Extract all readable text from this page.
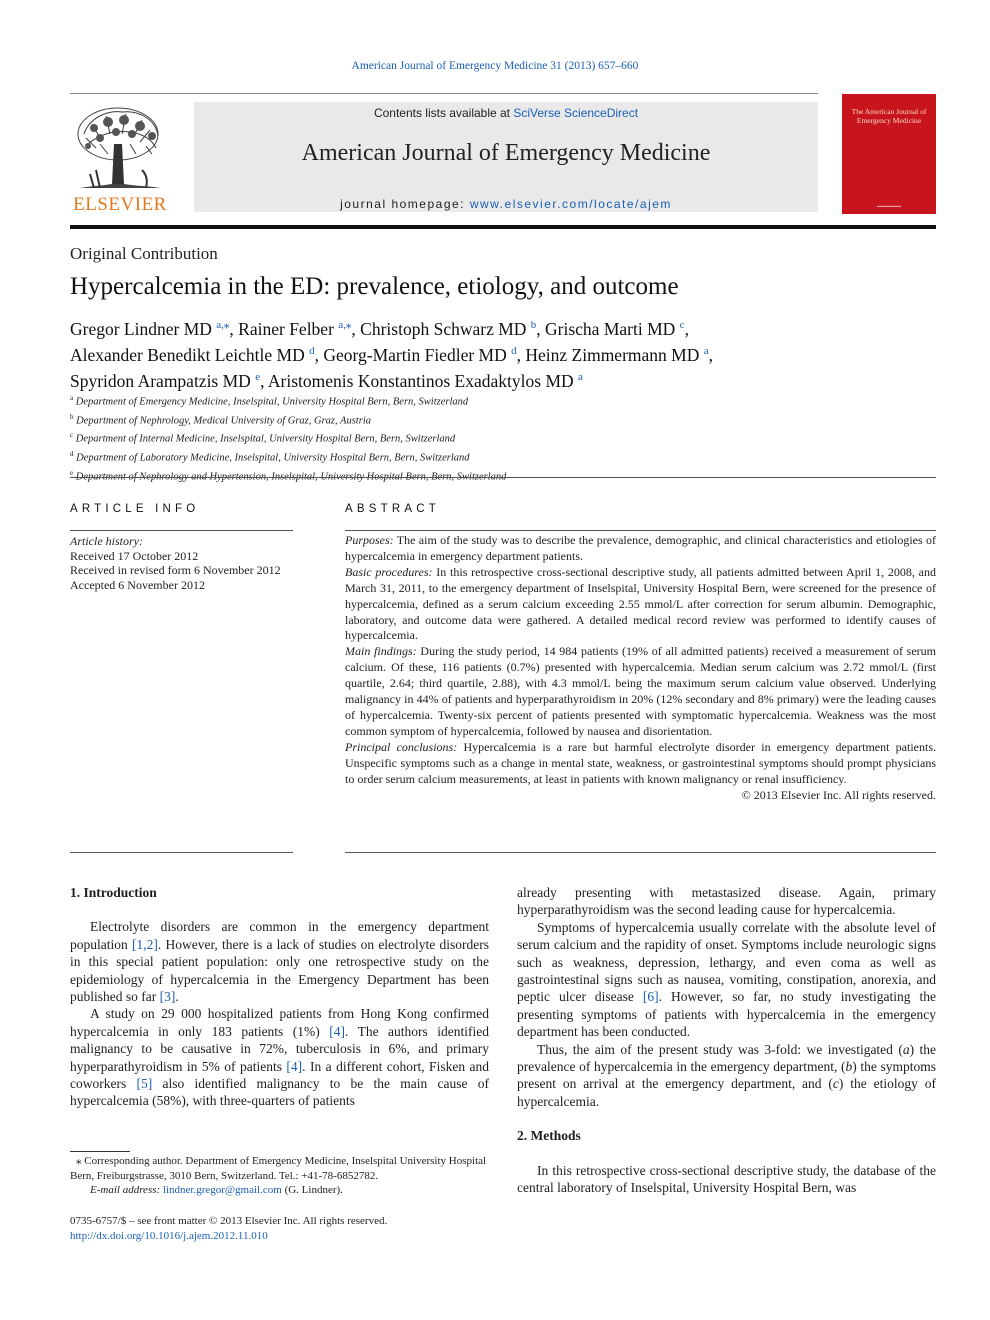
American Journal of Emergency Medicine 31 (2013) 657–660
ELSEVIER
Contents lists available at SciVerse ScienceDirect
American Journal of Emergency Medicine
journal homepage: www.elsevier.com/locate/ajem
The American Journal of Emergency Medicine
▬▬▬▬▬▬
Original Contribution
Hypercalcemia in the ED: prevalence, etiology, and outcome
Gregor Lindner MD $^{a,⁎}$, Rainer Felber $^{a,⁎}$, Christoph Schwarz MD $^b$, Grischa Marti MD $^c$,
Alexander Benedikt Leichtle MD $^d$, Georg-Martin Fiedler MD $^d$, Heinz Zimmermann MD $^a$,
Spyridon Arampatzis MD $^e$, Aristomenis Konstantinos Exadaktylos MD $^a$
$^a$ Department of Emergency Medicine, Inselspital, University Hospital Bern, Bern, Switzerland
$^b$ Department of Nephrology, Medical University of Graz, Graz, Austria
$^c$ Department of Internal Medicine, Inselspital, University Hospital Bern, Bern, Switzerland
$^d$ Department of Laboratory Medicine, Inselspital, University Hospital Bern, Bern, Switzerland
$^e$ Department of Nephrology and Hypertension, Inselspital, University Hospital Bern, Bern, Switzerland
ARTICLE INFO
Article history:
Received 17 October 2012
Received in revised form 6 November 2012
Accepted 6 November 2012
ABSTRACT

Purposes: The aim of the study was to describe the prevalence, demographic, and clinical characteristics and etiologies of hypercalcemia in emergency department patients.

Basic procedures: In this retrospective cross-sectional descriptive study, all patients admitted between April 1, 2008, and March 31, 2011, to the emergency department of Inselspital, University Hospital Bern, were screened for the presence of hypercalcemia, defined as a serum calcium exceeding 2.55 mmol/L after correction for serum albumin. Demographic, laboratory, and outcome data were gathered. A detailed medical record review was performed to identify causes of hypercalcemia.

Main findings: During the study period, 14 984 patients (19% of all admitted patients) received a measurement of serum calcium. Of these, 116 patients (0.7%) presented with hypercalcemia. Median serum calcium was 2.72 mmol/L (first quartile, 2.64; third quartile, 2.88), with 4.3 mmol/L being the maximum serum calcium value observed. Underlying malignancy in 44% of patients and hyperparathyroidism in 20% (12% secondary and 8% primary) were the leading causes of hypercalcemia. Twenty-six percent of patients presented with symptomatic hypercalcemia. Weakness was the most common symptom of hypercalcemia, followed by nausea and disorientation.

Principal conclusions: Hypercalcemia is a rare but harmful electrolyte disorder in emergency department patients. Unspecific symptoms such as a change in mental state, weakness, or gastrointestinal symptoms should prompt physicians to order serum calcium measurements, at least in patients with known malignancy or renal insufficiency.

© 2013 Elsevier Inc. All rights reserved.

1. Introduction

Electrolyte disorders are common in the emergency department population [1,2]. However, there is a lack of studies on electrolyte disorders in this special patient population: only one retrospective study on the epidemiology of hypercalcemia in the Emergency Department has been published so far [3].

A study on 29 000 hospitalized patients from Hong Kong confirmed hypercalcemia in only 183 patients (1%) [4]. The authors identified malignancy to be causative in 72%, tuberculosis in 6%, and primary hyperparathyroidism in 5% of patients [4]. In a different cohort, Fisken and coworkers [5] also identified malignancy to be the main cause of hypercalcemia (58%), with three-quarters of patients

⁎ Corresponding author. Department of Emergency Medicine, Inselspital University Hospital Bern, Freiburgstrasse, 3010 Bern, Switzerland. Tel.: +41-78-6852782.
E-mail address: lindner.gregor@gmail.com (G. Lindner).
0735-6757/$ – see front matter © 2013 Elsevier Inc. All rights reserved.
http://dx.doi.org/10.1016/j.ajem.2012.11.010

already presenting with metastasized disease. Again, primary hyperparathyroidism was the second leading cause for hypercalcemia.

Symptoms of hypercalcemia usually correlate with the absolute level of serum calcium and the rapidity of onset. Symptoms include neurologic signs such as weakness, depression, lethargy, and even coma as well as gastrointestinal signs such as nausea, vomiting, constipation, anorexia, and peptic ulcer disease [6]. However, so far, no study investigating the presenting symptoms of patients with hypercalcemia in the emergency department has been conducted.

Thus, the aim of the present study was 3-fold: we investigated (a) the prevalence of hypercalcemia in the emergency department, (b) the symptoms present on arrival at the emergency department, and (c) the etiology of hypercalcemia.

2. Methods

In this retrospective cross-sectional descriptive study, the database of the central laboratory of Inselspital, University Hospital Bern, was
